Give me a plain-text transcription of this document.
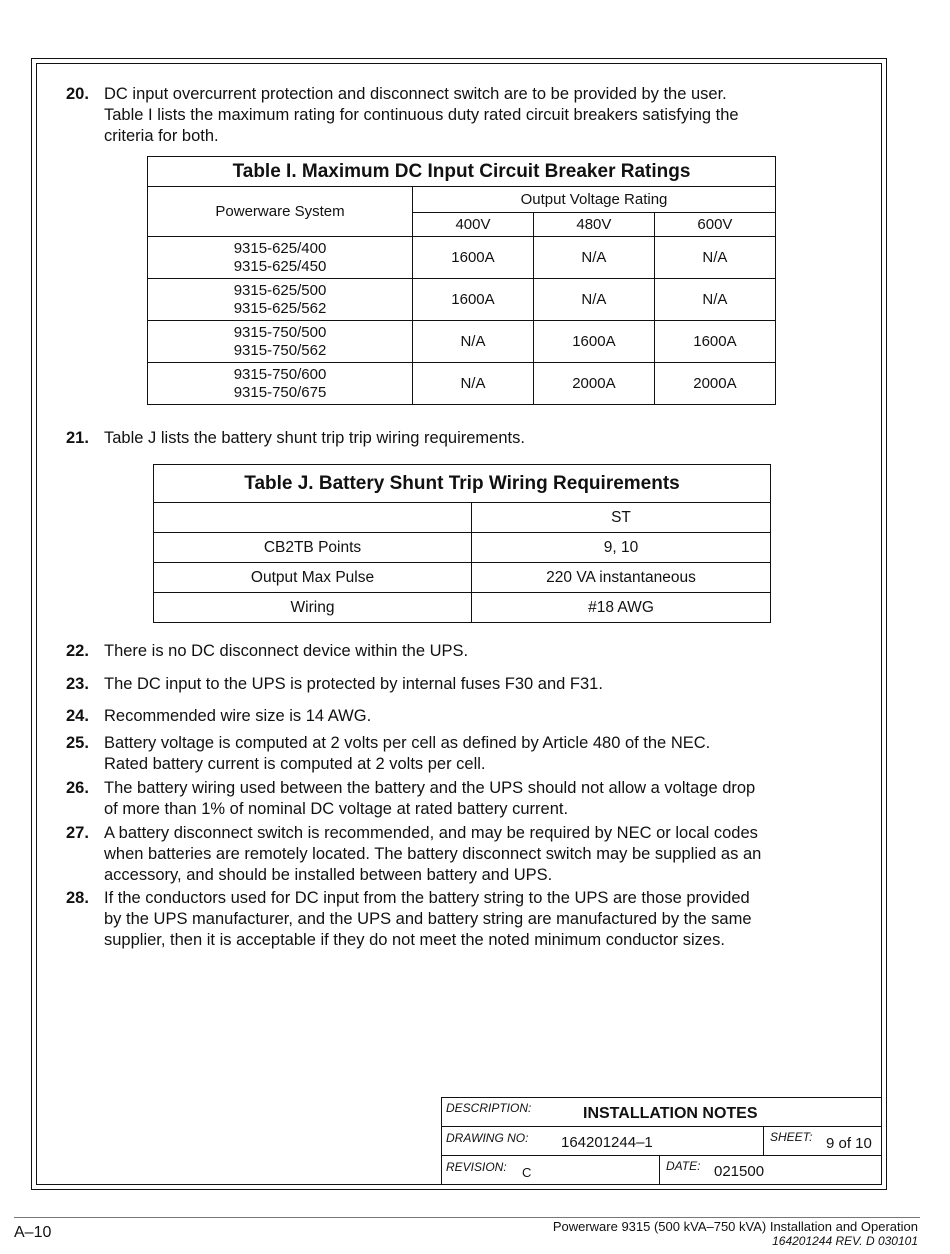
20. DC input overcurrent protection and disconnect switch are to be provided by the user.
Table I lists the maximum rating for continuous duty rated circuit breakers satisfying the
criteria for both.
Table I. Maximum DC Input Circuit Breaker Ratings			
Powerware System	Output Voltage Rating		
	400V	480V	600V
9315-625/400
9315-625/450	1600A	N/A	N/A
9315-625/500
9315-625/562	1600A	N/A	N/A
9315-750/500
9315-750/562	N/A	1600A	1600A
9315-750/600
9315-750/675	N/A	2000A	2000A
21. Table J lists the battery shunt trip trip wiring requirements.
Table J. Battery Shunt Trip Wiring Requirements	
	ST
CB2TB Points	9, 10
Output Max Pulse	220 VA instantaneous
Wiring	#18 AWG
22. There is no DC disconnect device within the UPS.
23. The DC input to the UPS is protected by internal fuses F30 and F31.
24. Recommended wire size is 14 AWG.
25. Battery voltage is computed at 2 volts per cell as defined by Article 480 of the NEC.
Rated battery current is computed at 2 volts per cell.
26. The battery wiring used between the battery and the UPS should not allow a voltage drop
of more than 1% of nominal DC voltage at rated battery current.
27. A battery disconnect switch is recommended, and may be required by NEC or local codes
when batteries are remotely located. The battery disconnect switch may be supplied as an
accessory, and should be installed between battery and UPS.
28. If the conductors used for DC input from the battery string to the UPS are those provided
by the UPS manufacturer, and the UPS and battery string are manufactured by the same
supplier, then it is acceptable if they do not meet the noted minimum conductor sizes.
DESCRIPTION:	INSTALLATION NOTES
DRAWING NO: 164201244–1	SHEET: 9 of 10
REVISION: C	DATE: 021500
A–10	Powerware 9315 (500 kVA–750 kVA) Installation and Operation
164201244 REV. D 030101
